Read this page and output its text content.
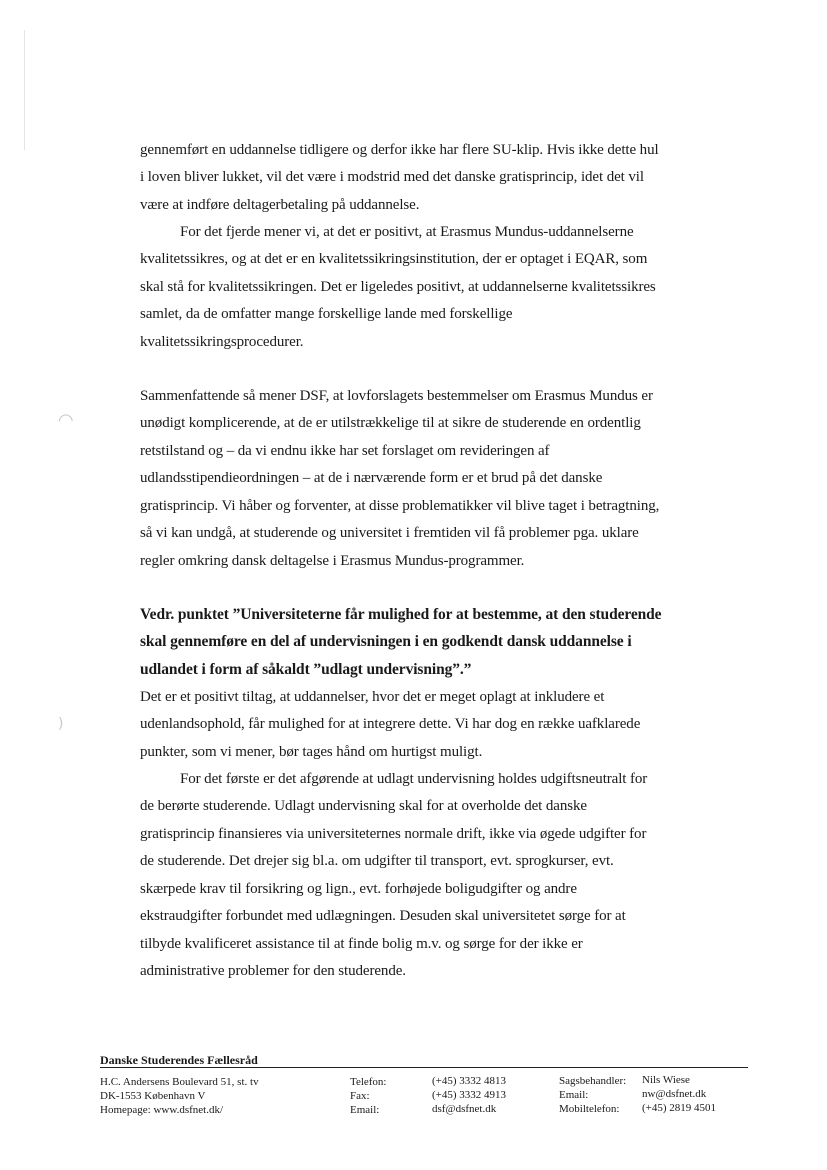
◠
)
gennemført en uddannelse tidligere og derfor ikke har flere SU-klip. Hvis ikke dette hul
i loven bliver lukket, vil det være i modstrid med det danske gratisprincip, idet det vil
være at indføre deltagerbetaling på uddannelse.
For det fjerde mener vi, at det er positivt, at Erasmus Mundus-uddannelserne
kvalitetssikres, og at det er en kvalitetssikringsinstitution, der er optaget i EQAR, som
skal stå for kvalitetssikringen. Det er ligeledes positivt, at uddannelserne kvalitetssikres
samlet, da de omfatter mange forskellige lande med forskellige
kvalitetssikringsprocedurer.
Sammenfattende så mener DSF, at lovforslagets bestemmelser om Erasmus Mundus er
unødigt komplicerende, at de er utilstrækkelige til at sikre de studerende en ordentlig
retstilstand og – da vi endnu ikke har set forslaget om revideringen af
udlandsstipendieordningen – at de i nærværende form er et brud på det danske
gratisprincip. Vi håber og forventer, at disse problematikker vil blive taget i betragtning,
så vi kan undgå, at studerende og universitet i fremtiden vil få problemer pga. uklare
regler omkring dansk deltagelse i Erasmus Mundus-programmer.
Vedr. punktet ”Universiteterne får mulighed for at bestemme, at den studerende
skal gennemføre en del af undervisningen i en godkendt dansk uddannelse i
udlandet i form af såkaldt ”udlagt undervisning”.”
Det er et positivt tiltag, at uddannelser, hvor det er meget oplagt at inkludere et
udenlandsophold, får mulighed for at integrere dette. Vi har dog en række uafklarede
punkter, som vi mener, bør tages hånd om hurtigst muligt.
For det første er det afgørende at udlagt undervisning holdes udgiftsneutralt for
de berørte studerende. Udlagt undervisning skal for at overholde det danske
gratisprincip finansieres via universiteternes normale drift, ikke via øgede udgifter for
de studerende. Det drejer sig bl.a. om udgifter til transport, evt. sprogkurser, evt.
skærpede krav til forsikring og lign., evt. forhøjede boligudgifter og andre
ekstraudgifter forbundet med udlægningen. Desuden skal universitetet sørge for at
tilbyde kvalificeret assistance til at finde bolig m.v. og sørge for der ikke er
administrative problemer for den studerende.
Danske Studerendes Fællesråd
H.C. Andersens Boulevard 51, st. tv
DK-1553 København V
Homepage: www.dsfnet.dk/
Telefon:
Fax:
Email:
(+45) 3332 4813
(+45) 3332 4913
dsf@dsfnet.dk
Sagsbehandler:
Email:
Mobiltelefon:
Nils Wiese
nw@dsfnet.dk
(+45) 2819 4501
